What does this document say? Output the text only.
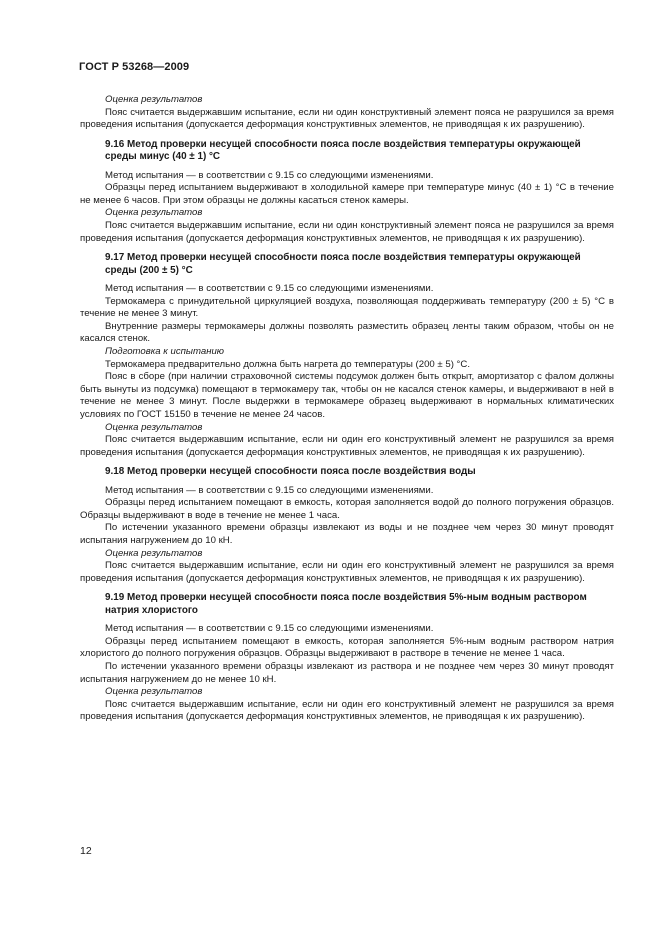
ГОСТ Р 53268—2009

Оценка результатов

Пояс считается выдержавшим испытание, если ни один конструктивный элемент пояса не разрушился за время проведения испытания (допускается деформация конструктивных элементов, не приводящая к их разрушению).

9.16 Метод проверки несущей способности пояса после воздействия температуры окружающей среды минус (40 ± 1) °С

Метод испытания — в соответствии с 9.15 со следующими изменениями.

Образцы перед испытанием выдерживают в холодильной камере при температуре минус (40 ± 1) °С в течение не менее 6 часов. При этом образцы не должны касаться стенок камеры.

Оценка результатов

Пояс считается выдержавшим испытание, если ни один конструктивный элемент пояса не разрушился за время проведения испытания (допускается деформация конструктивных элементов, не приводящая к их разрушению).

9.17 Метод проверки несущей способности пояса после воздействия температуры окружающей среды (200 ± 5) °С

Метод испытания — в соответствии с 9.15 со следующими изменениями.

Термокамера с принудительной циркуляцией воздуха, позволяющая поддерживать температуру (200 ± 5) °С в течение не менее 3 минут.

Внутренние размеры термокамеры должны позволять разместить образец ленты таким образом, чтобы он не касался стенок.

Подготовка к испытанию

Термокамера предварительно должна быть нагрета до температуры (200 ± 5) °С.

Пояс в сборе (при наличии страховочной системы подсумок должен быть открыт, амортизатор с фалом должны быть вынуты из подсумка) помещают в термокамеру так, чтобы он не касался стенок камеры, и выдерживают в ней в течение не менее 3 минут. После выдержки в термокамере образец выдерживают в нормальных климатических условиях по ГОСТ 15150 в течение не менее 24 часов.

Оценка результатов

Пояс считается выдержавшим испытание, если ни один его конструктивный элемент не разрушился за время проведения испытания (допускается деформация конструктивных элементов, не приводящая к их разрушению).

9.18 Метод проверки несущей способности пояса после воздействия воды

Метод испытания — в соответствии с 9.15 со следующими изменениями.

Образцы перед испытанием помещают в емкость, которая заполняется водой до полного погружения образцов. Образцы выдерживают в воде в течение не менее 1 часа.

По истечении указанного времени образцы извлекают из воды и не позднее чем через 30 минут проводят испытания нагружением до 10 кН.

Оценка результатов

Пояс считается выдержавшим испытание, если ни один его конструктивный элемент не разрушился за время проведения испытания (допускается деформация конструктивных элементов, не приводящая к их разрушению).

9.19 Метод проверки несущей способности пояса после воздействия 5%-ным водным раствором натрия хлористого

Метод испытания — в соответствии с 9.15 со следующими изменениями.

Образцы перед испытанием помещают в емкость, которая заполняется 5%-ным водным раствором натрия хлористого до полного погружения образцов. Образцы выдерживают в растворе в течение не менее 1 часа.

По истечении указанного времени образцы извлекают из раствора и не позднее чем через 30 минут проводят испытания нагружением до не менее 10 кН.

Оценка результатов

Пояс считается выдержавшим испытание, если ни один его конструктивный элемент не разрушился за время проведения испытания (допускается деформация конструктивных элементов, не приводящая к их разрушению).

12
